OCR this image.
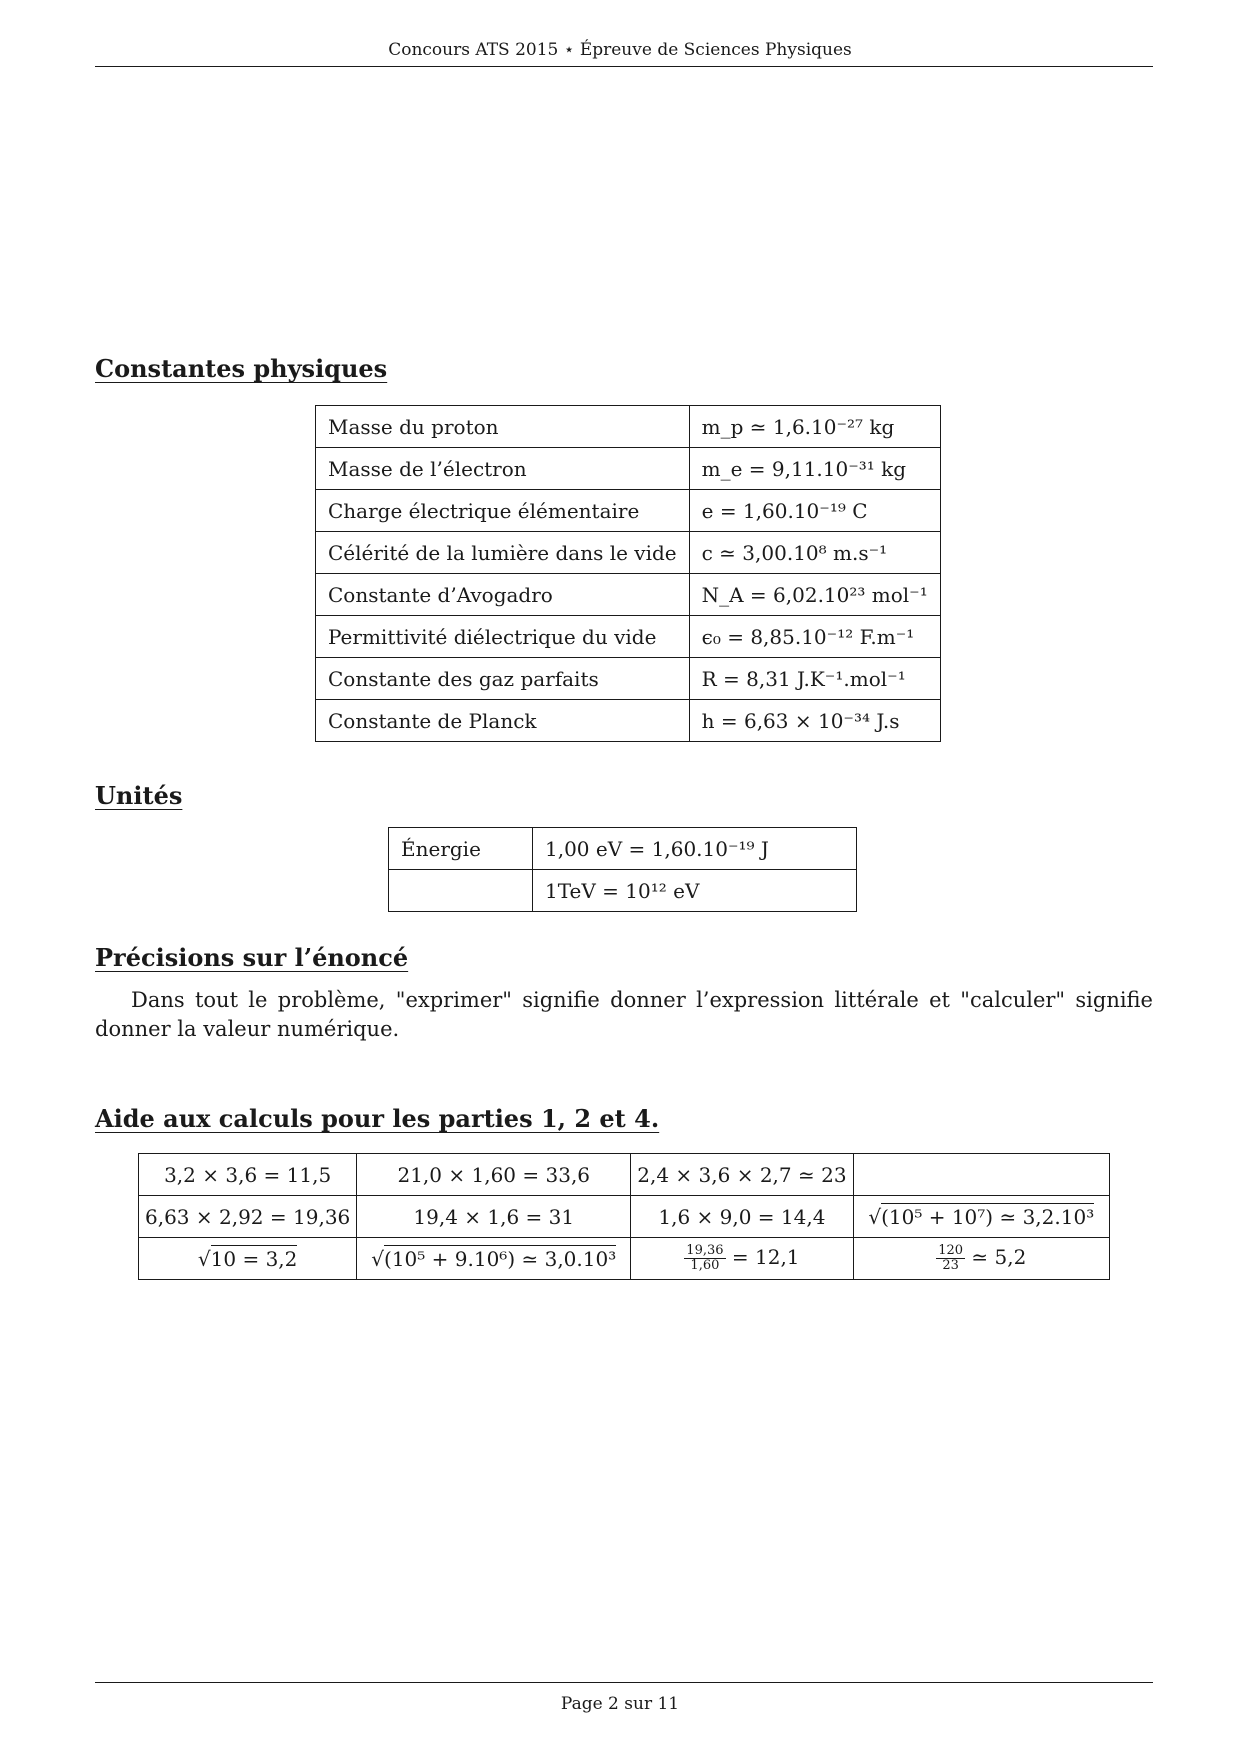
Concours ATS 2015 ⋆ Épreuve de Sciences Physiques
Constantes physiques
Masse du proton	m_p ≃ 1,6.10⁻²⁷ kg
Masse de l’électron	m_e = 9,11.10⁻³¹ kg
Charge électrique élémentaire	e = 1,60.10⁻¹⁹ C
Célérité de la lumière dans le vide	c ≃ 3,00.10⁸ m.s⁻¹
Constante d’Avogadro	N_A = 6,02.10²³ mol⁻¹
Permittivité diélectrique du vide	ϵ₀ = 8,85.10⁻¹² F.m⁻¹
Constante des gaz parfaits	R = 8,31 J.K⁻¹.mol⁻¹
Constante de Planck	h = 6,63 × 10⁻³⁴ J.s
Unités
Énergie	1,00 eV = 1,60.10⁻¹⁹ J
	1TeV = 10¹² eV
Précisions sur l’énoncé
Dans tout le problème, "exprimer" signifie donner l’expression littérale et "calculer" signifie donner la valeur numérique.
Aide aux calculs pour les parties 1, 2 et 4.
3,2 × 3,6 = 11,5	21,0 × 1,60 = 33,6	2,4 × 3,6 × 2,7 ≃ 23	
6,63 × 2,92 = 19,36	19,4 × 1,6 = 31	1,6 × 9,0 = 14,4	√(10⁵ + 10⁷) ≃ 3,2.10³
√10 = 3,2	√(10⁵ + 9.10⁶) ≃ 3,0.10³	$\frac{19,36}{1,60} = 12,1$	$\frac{120}{23}$ ≃ 5,2
Page 2 sur 11
